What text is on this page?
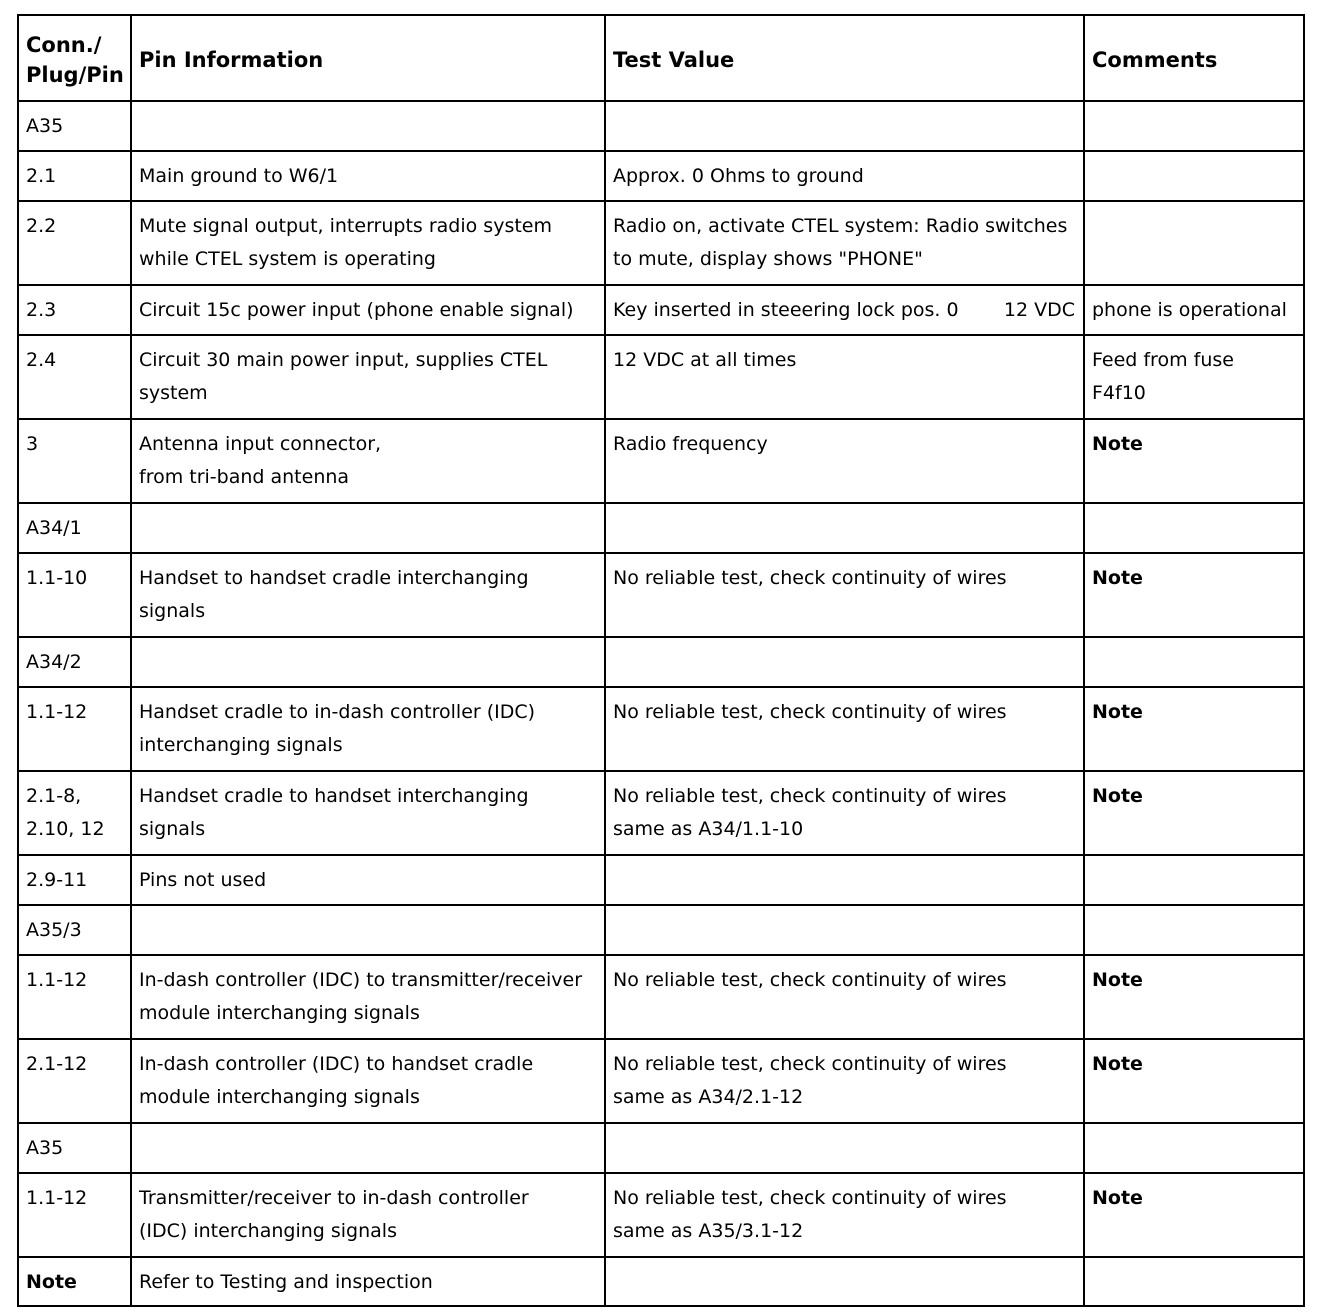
Conn./
Plug/Pin	Pin Information	Test Value	Comments
A35			
2.1	Main ground to W6/1	Approx. 0 Ohms to ground	

2.2	Mute signal output, interrupts radio system
while CTEL system is operating	Radio on, activate CTEL system: Radio switches
to mute, display shows "PHONE"	

2.3	Circuit 15c power input (phone enable signal)	Key inserted in steeering lock pos. 0 12 VDC	phone is operational

2.4	Circuit 30 main power input, supplies CTEL
system	12 VDC at all times	Feed from fuse
F4f10

3	Antenna input connector,
from tri-band antenna	Radio frequency	Note

A34/1			
1.1-10	Handset to handset cradle interchanging
signals	No reliable test, check continuity of wires	Note

A34/2			
1.1-12	Handset cradle to in-dash controller (IDC)
interchanging signals	No reliable test, check continuity of wires	Note

2.1-8,
2.10, 12	Handset cradle to handset interchanging
signals	No reliable test, check continuity of wires
same as A34/1.1-10	Note

2.9-11	Pins not used		

A35/3			
1.1-12	In-dash controller (IDC) to transmitter/receiver
module interchanging signals	No reliable test, check continuity of wires	Note

2.1-12	In-dash controller (IDC) to handset cradle
module interchanging signals	No reliable test, check continuity of wires
same as A34/2.1-12	Note

A35			
1.1-12	Transmitter/receiver to in-dash controller
(IDC) interchanging signals	No reliable test, check continuity of wires
same as A35/3.1-12	Note

Note	Refer to Testing and inspection		
